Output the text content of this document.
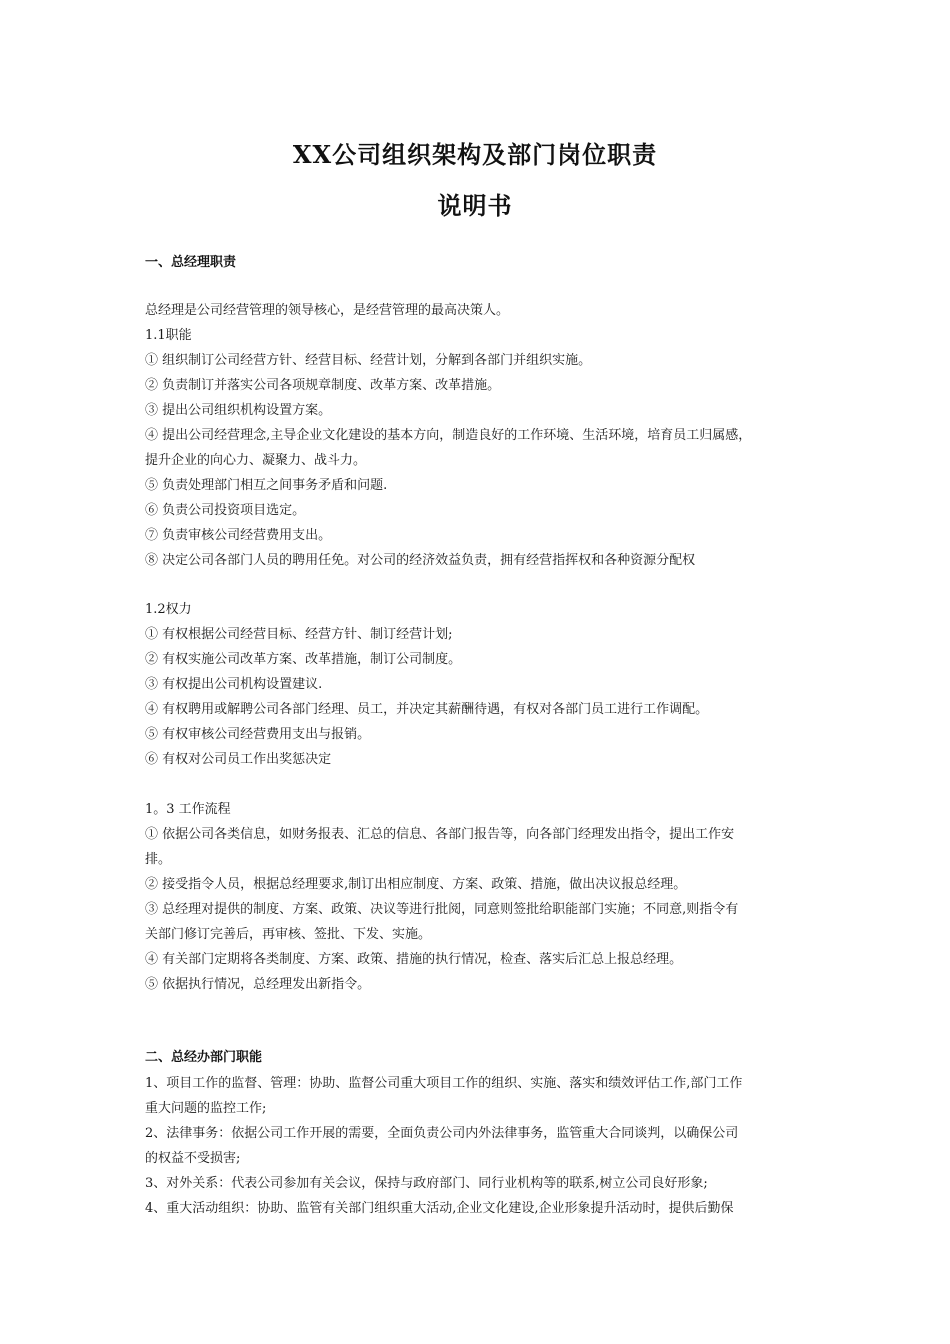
XX公司组织架构及部门岗位职责
说明书
一、总经理职责
总经理是公司经营管理的领导核心，是经营管理的最高决策人。
1.1职能
① 组织制订公司经营方针、经营目标、经营计划，分解到各部门并组织实施。
② 负责制订并落实公司各项规章制度、改革方案、改革措施。
③ 提出公司组织机构设置方案。
④ 提出公司经营理念,主导企业文化建设的基本方向，制造良好的工作环境、生活环境，培育员工归属感，
提升企业的向心力、凝聚力、战斗力。
⑤ 负责处理部门相互之间事务矛盾和问题.
⑥ 负责公司投资项目选定。
⑦ 负责审核公司经营费用支出。
⑧ 决定公司各部门人员的聘用任免。对公司的经济效益负责，拥有经营指挥权和各种资源分配权
1.2权力
① 有权根据公司经营目标、经营方针、制订经营计划;
② 有权实施公司改革方案、改革措施，制订公司制度。
③ 有权提出公司机构设置建议.
④ 有权聘用或解聘公司各部门经理、员工，并决定其薪酬待遇，有权对各部门员工进行工作调配。
⑤ 有权审核公司经营费用支出与报销。
⑥ 有权对公司员工作出奖惩决定
1。3 工作流程
① 依据公司各类信息，如财务报表、汇总的信息、各部门报告等，向各部门经理发出指令，提出工作安
排。
② 接受指令人员，根据总经理要求,制订出相应制度、方案、政策、措施，做出决议报总经理。
③ 总经理对提供的制度、方案、政策、决议等进行批阅，同意则签批给职能部门实施；不同意,则指令有
关部门修订完善后，再审核、签批、下发、实施。
④ 有关部门定期将各类制度、方案、政策、措施的执行情况，检查、落实后汇总上报总经理。
⑤ 依据执行情况，总经理发出新指令。
二、总经办部门职能
1、项目工作的监督、管理：协助、监督公司重大项目工作的组织、实施、落实和绩效评估工作,部门工作
重大问题的监控工作;
2、法律事务：依据公司工作开展的需要，全面负责公司内外法律事务，监管重大合同谈判，以确保公司
的权益不受损害;
3、对外关系：代表公司参加有关会议，保持与政府部门、同行业机构等的联系,树立公司良好形象;
4、重大活动组织：协助、监管有关部门组织重大活动,企业文化建设,企业形象提升活动时，提供后勤保
